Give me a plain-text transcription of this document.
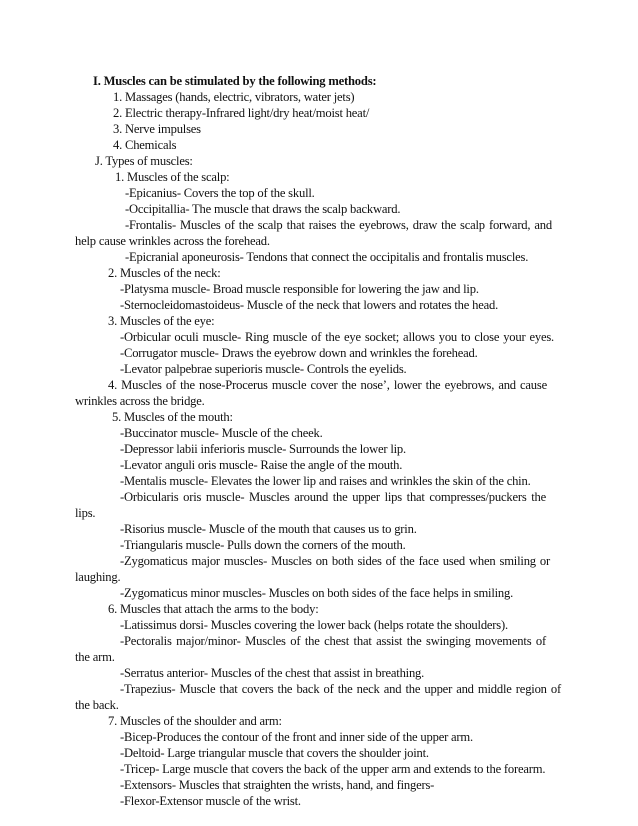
I. Muscles can be stimulated by the following methods:
1. Massages (hands, electric, vibrators, water jets)
2. Electric therapy-Infrared light/dry heat/moist heat/
3. Nerve impulses
4. Chemicals
J. Types of muscles:
1. Muscles of the scalp:
-Epicanius- Covers the top of the skull.
-Occipitallia- The muscle that draws the scalp backward.
-Frontalis- Muscles of the scalp that raises the eyebrows, draw the scalp forward, and
help cause wrinkles across the forehead.
-Epicranial aponeurosis- Tendons that connect the occipitalis and frontalis muscles.
2. Muscles of the neck:
-Platysma muscle- Broad muscle responsible for lowering the jaw and lip.
-Sternocleidomastoideus- Muscle of the neck that lowers and rotates the head.
3. Muscles of the eye:
-Orbicular oculi muscle- Ring muscle of the eye socket; allows you to close your eyes.
-Corrugator muscle- Draws the eyebrow down and wrinkles the forehead.
-Levator palpebrae superioris muscle- Controls the eyelids.
4. Muscles of the nose-Procerus muscle cover the nose’, lower the eyebrows, and cause
wrinkles across the bridge.
5. Muscles of the mouth:
-Buccinator muscle- Muscle of the cheek.
-Depressor labii inferioris muscle- Surrounds the lower lip.
-Levator anguli oris muscle- Raise the angle of the mouth.
-Mentalis muscle- Elevates the lower lip and raises and wrinkles the skin of the chin.
-Orbicularis oris muscle- Muscles around the upper lips that compresses/puckers the
lips.
-Risorius muscle- Muscle of the mouth that causes us to grin.
-Triangularis muscle- Pulls down the corners of the mouth.
-Zygomaticus major muscles- Muscles on both sides of the face used when smiling or
laughing.
-Zygomaticus minor muscles- Muscles on both sides of the face helps in smiling.
6. Muscles that attach the arms to the body:
-Latissimus dorsi- Muscles covering the lower back (helps rotate the shoulders).
-Pectoralis major/minor- Muscles of the chest that assist the swinging movements of
the arm.
-Serratus anterior- Muscles of the chest that assist in breathing.
-Trapezius- Muscle that covers the back of the neck and the upper and middle region of
the back.
7. Muscles of the shoulder and arm:
-Bicep-Produces the contour of the front and inner side of the upper arm.
-Deltoid- Large triangular muscle that covers the shoulder joint.
-Tricep- Large muscle that covers the back of the upper arm and extends to the forearm.
-Extensors- Muscles that straighten the wrists, hand, and fingers-
-Flexor-Extensor muscle of the wrist.
